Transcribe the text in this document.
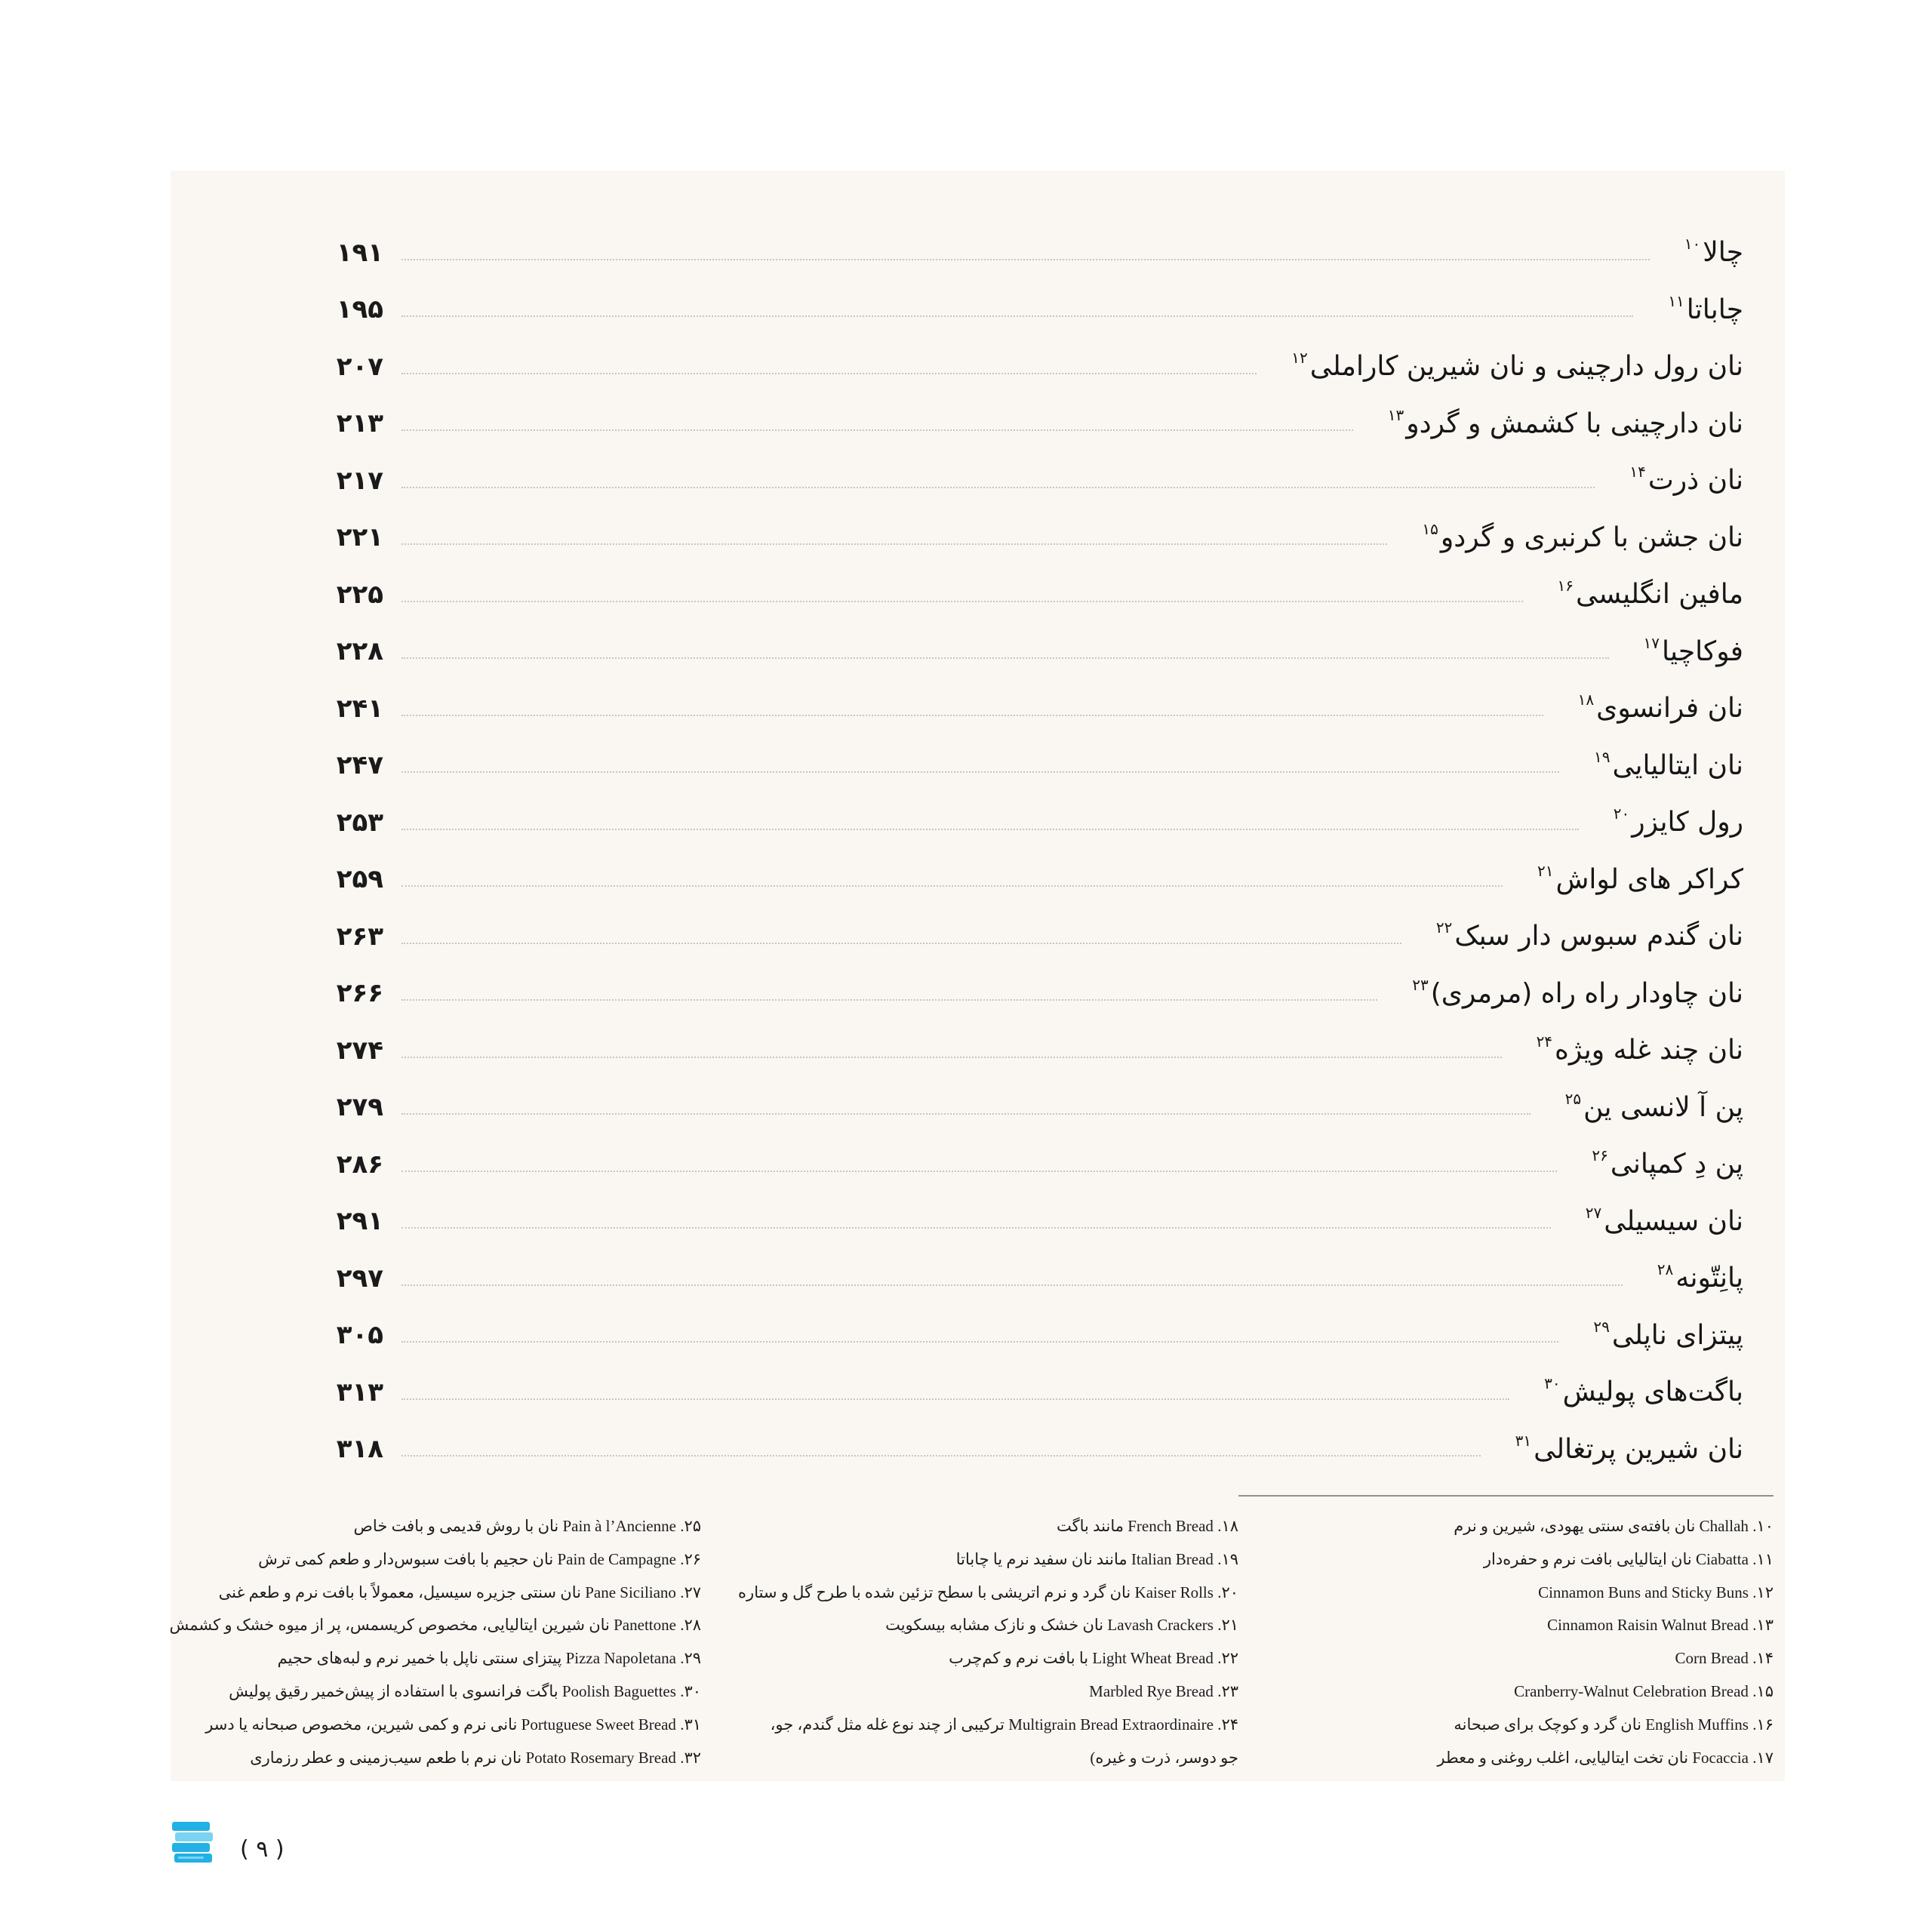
چالا$^{۱۰}$
۱۹۱
چاباتا$^{۱۱}$
۱۹۵
نان رول دارچینی و نان شیرین کاراملی$^{۱۲}$
۲۰۷
نان دارچینی با کشمش و گردو$^{۱۳}$
۲۱۳
نان ذرت$^{۱۴}$
۲۱۷
نان جشن با کرنبری و گردو$^{۱۵}$
۲۲۱
مافین انگلیسی$^{۱۶}$
۲۲۵
فوکاچیا$^{۱۷}$
۲۲۸
نان فرانسوی$^{۱۸}$
۲۴۱
نان ایتالیایی$^{۱۹}$
۲۴۷
رول کایزر$^{۲۰}$
۲۵۳
کراکر های لواش$^{۲۱}$
۲۵۹
نان گندم سبوس دار سبک$^{۲۲}$
۲۶۳
نان چاودار راه راه (مرمری)$^{۲۳}$
۲۶۶
نان چند غله ویژه$^{۲۴}$
۲۷۴
پن آ لانسی ین$^{۲۵}$
۲۷۹
پن دِ کمپانی$^{۲۶}$
۲۸۶
نان سیسیلی$^{۲۷}$
۲۹۱
پانِتّونه$^{۲۸}$
۲۹۷
پیتزای ناپلی$^{۲۹}$
۳۰۵
باگت‌های پولیش$^{۳۰}$
۳۱۳
نان شیرین پرتغالی$^{۳۱}$
۳۱۸
۱۰. Challah نان بافته‌ی سنتی یهودی، شیرین و نرم
۱۱. Ciabatta نان ایتالیایی بافت نرم و حفره‌دار
۱۲. Cinnamon Buns and Sticky Buns
۱۳. Cinnamon Raisin Walnut Bread
۱۴. Corn Bread
۱۵. Cranberry-Walnut Celebration Bread
۱۶. English Muffins نان گرد و کوچک برای صبحانه
۱۷. Focaccia نان تخت ایتالیایی، اغلب روغنی و معطر
۱۸. French Bread مانند باگت
۱۹. Italian Bread مانند نان سفید نرم یا چاباتا
۲۰. Kaiser Rolls نان گرد و نرم اتریشی با سطح تزئین شده با طرح گل و ستاره
۲۱. Lavash Crackers نان خشک و نازک مشابه بیسکویت
۲۲. Light Wheat Bread با بافت نرم و کم‌چرب
۲۳. Marbled Rye Bread
۲۴. Multigrain Bread Extraordinaire ترکیبی از چند نوع غله مثل گندم، جو،
جو دوسر، ذرت و غیره)
۲۵. Pain à l’Ancienne نان با روش قدیمی و بافت خاص
۲۶. Pain de Campagne نان حجیم با بافت سبوس‌دار و طعم کمی ترش
۲۷. Pane Siciliano نان سنتی جزیره سیسیل، معمولاً با بافت نرم و طعم غنی
۲۸. Panettone نان شیرین ایتالیایی، مخصوص کریسمس، پر از میوه خشک و کشمش
۲۹. Pizza Napoletana پیتزای سنتی ناپل با خمیر نرم و لبه‌های حجیم
۳۰. Poolish Baguettes باگت فرانسوی با استفاده از پیش‌خمیر رقیق پولیش
۳۱. Portuguese Sweet Bread نانی نرم و کمی شیرین، مخصوص صبحانه یا دسر
۳۲. Potato Rosemary Bread نان نرم با طعم سیب‌زمینی و عطر رزماری
( ۹ )
